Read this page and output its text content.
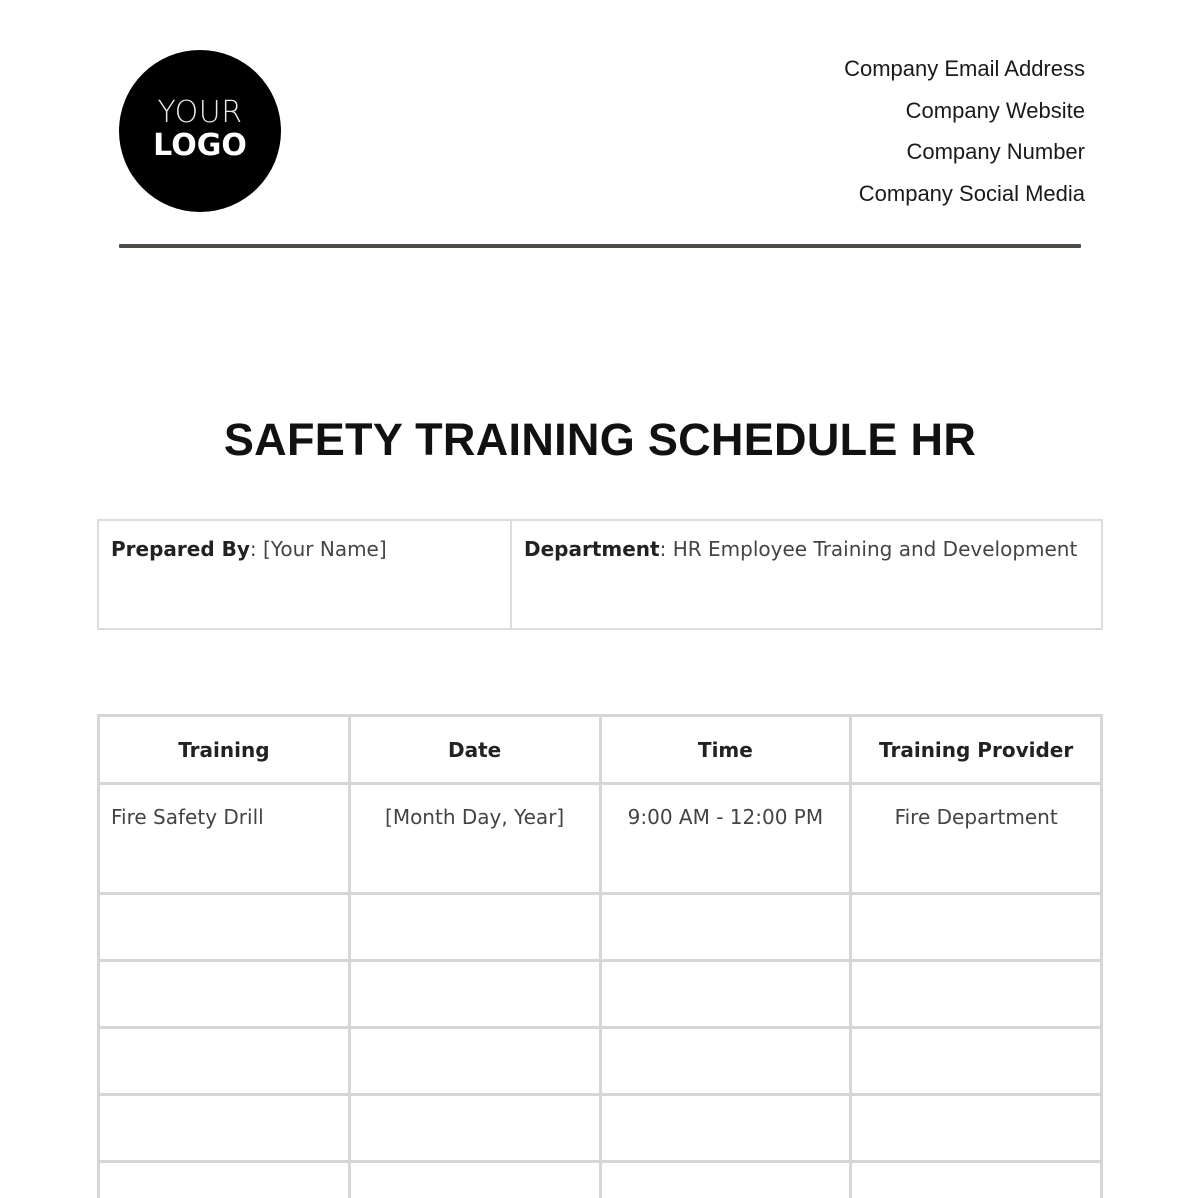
YOUR
LOGO
Company Email Address
Company Website
Company Number
Company Social Media
SAFETY TRAINING SCHEDULE HR
Prepared By: [Your Name]	Department: HR Employee Training and Development
Training	Date	Time	Training Provider
Fire Safety Drill	[Month Day, Year]	9:00 AM - 12:00 PM	Fire Department
